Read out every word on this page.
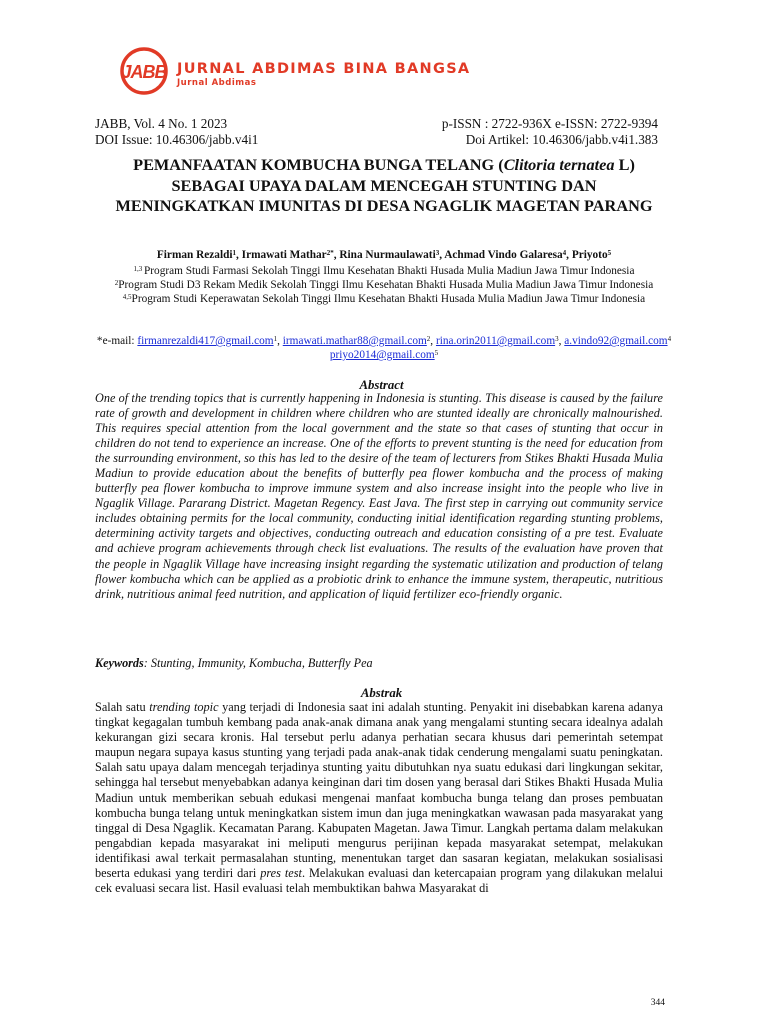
JABB JURNAL ABDIMAS BINA BANGSA
Jurnal Abdimas
JABB, Vol. 4 No. 1 2023	p-ISSN : 2722-936X e-ISSN: 2722-9394
DOI Issue: 10.46306/jabb.v4i1	Doi Artikel: 10.46306/jabb.v4i1.383
PEMANFAATAN KOMBUCHA BUNGA TELANG (Clitoria ternatea L) SEBAGAI UPAYA DALAM MENCEGAH STUNTING DAN MENINGKATKAN IMUNITAS DI DESA NGAGLIK MAGETAN PARANG
Firman Rezaldi$^1$, Irmawati Mathar$^{2*}$, Rina Nurmaulawati$^3$, Achmad Vindo Galaresa$^4$, Priyoto$^5$
$^{1,3}$ Program Studi Farmasi Sekolah Tinggi Ilmu Kesehatan Bhakti Husada Mulia Madiun Jawa Timur Indonesia
$^2$Program Studi D3 Rekam Medik Sekolah Tinggi Ilmu Kesehatan Bhakti Husada Mulia Madiun Jawa Timur Indonesia
$^{4,5}$Program Studi Keperawatan Sekolah Tinggi Ilmu Kesehatan Bhakti Husada Mulia Madiun Jawa Timur Indonesia
*e-mail: firmanrezaldi417@gmail.com$^1$, irmawati.mathar88@gmail.com$^2$, rina.orin2011@gmail.com$^3$, a.vindo92@gmail.com$^4$ priyo2014@gmail.com$^5$
Abstract

One of the trending topics that is currently happening in Indonesia is stunting. This disease is caused by the failure rate of growth and development in children where children who are stunted ideally are chronically malnourished. This requires special attention from the local government and the state so that cases of stunting that occur in children do not tend to experience an increase. One of the efforts to prevent stunting is the need for education from the surrounding environment, so this has led to the desire of the team of lecturers from Stikes Bhakti Husada Mulia Madiun to provide education about the benefits of butterfly pea flower kombucha and the process of making butterfly pea flower kombucha to improve immune system and also increase insight into the people who live in Ngaglik Village. Pararang District. Magetan Regency. East Java. The first step in carrying out community service includes obtaining permits for the local community, conducting initial identification regarding stunting problems, determining activity targets and objectives, conducting outreach and education consisting of a pre test. Evaluate and achieve program achievements through check list evaluations. The results of the evaluation have proven that the people in Ngaglik Village have increasing insight regarding the systematic utilization and production of telang flower kombucha which can be applied as a probiotic drink to enhance the immune system, therapeutic, nutritious drink, nutritious animal feed nutrition, and application of liquid fertilizer eco-friendly organic.

Keywords: Stunting, Immunity, Kombucha, Butterfly Pea
Abstrak

Salah satu trending topic yang terjadi di Indonesia saat ini adalah stunting. Penyakit ini disebabkan karena adanya tingkat kegagalan tumbuh kembang pada anak-anak dimana anak yang mengalami stunting secara idealnya adalah kekurangan gizi secara kronis. Hal tersebut perlu adanya perhatian secara khusus dari pemerintah setempat maupun negara supaya kasus stunting yang terjadi pada anak-anak tidak cenderung mengalami suatu peningkatan. Salah satu upaya dalam mencegah terjadinya stunting yaitu dibutuhkan nya suatu edukasi dari lingkungan sekitar, sehingga hal tersebut menyebabkan adanya keinginan dari tim dosen yang berasal dari Stikes Bhakti Husada Mulia Madiun untuk memberikan sebuah edukasi mengenai manfaat kombucha bunga telang dan proses pembuatan kombucha bunga telang untuk meningkatkan sistem imun dan juga meningkatkan wawasan pada masyarakat yang tinggal di Desa Ngaglik. Kecamatan Parang. Kabupaten Magetan. Jawa Timur. Langkah pertama dalam melakukan pengabdian kepada masyarakat ini meliputi mengurus perijinan kepada masyarakat setempat, melakukan identifikasi awal terkait permasalahan stunting, menentukan target dan sasaran kegiatan, melakukan sosialisasi beserta edukasi yang terdiri dari pres test. Melakukan evaluasi dan ketercapaian program yang dilakukan melalui cek evaluasi secara list. Hasil evaluasi telah membuktikan bahwa Masyarakat di

344
